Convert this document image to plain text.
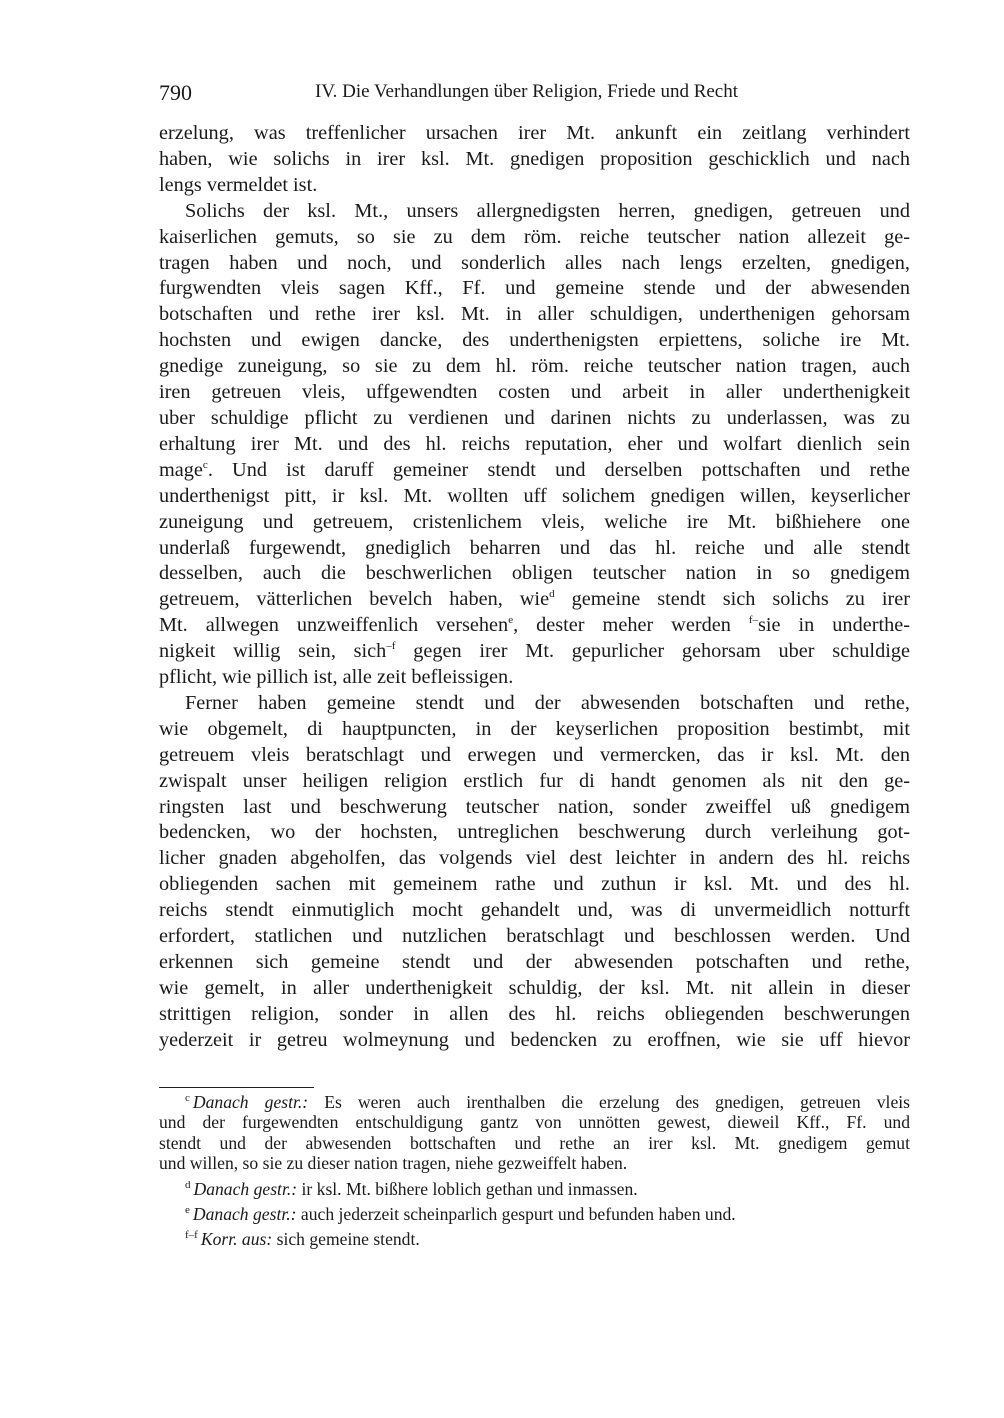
790	IV. Die Verhandlungen über Religion, Friede und Recht

erzelung, was treffenlicher ursachen irer Mt. ankunft ein zeitlang verhindert
haben, wie solichs in irer ksl. Mt. gnedigen proposition geschicklich und nach
lengs vermeldet ist.

Solichs der ksl. Mt., unsers allergnedigsten herren, gnedigen, getreuen und
kaiserlichen gemuts, so sie zu dem röm. reiche teutscher nation allezeit ge-
tragen haben und noch, und sonderlich alles nach lengs erzelten, gnedigen,
furgwendten vleis sagen Kff., Ff. und gemeine stende und der abwesenden
botschaften und rethe irer ksl. Mt. in aller schuldigen, underthenigen gehorsam
hochsten und ewigen dancke, des underthenigsten erpiettens, soliche ire Mt.
gnedige zuneigung, so sie zu dem hl. röm. reiche teutscher nation tragen, auch
iren getreuen vleis, uffgewendten costen und arbeit in aller underthenigkeit
uber schuldige pflicht zu verdienen und darinen nichts zu underlassen, was zu
erhaltung irer Mt. und des hl. reichs reputation, eher und wolfart dienlich sein
mage$^c$. Und ist daruff gemeiner stendt und derselben pottschaften und rethe
underthenigst pitt, ir ksl. Mt. wollten uff solichem gnedigen willen, keyserlicher
zuneigung und getreuem, cristenlichem vleis, weliche ire Mt. bißhiehere one
underlaß furgewendt, gnediglich beharren und das hl. reiche und alle stendt
desselben, auch die beschwerlichen obligen teutscher nation in so gnedigem
getreuem, vätterlichen bevelch haben, wie$^d$ gemeine stendt sich solichs zu irer
Mt. allwegen unzweiffenlich versehen$^e$, dester meher werden $^{f-}$sie in underthe-
nigkeit willig sein, sich$^{-f}$ gegen irer Mt. gepurlicher gehorsam uber schuldige
pflicht, wie pillich ist, alle zeit befleissigen.

Ferner haben gemeine stendt und der abwesenden botschaften und rethe,
wie obgemelt, di hauptpuncten, in der keyserlichen proposition bestimbt, mit
getreuem vleis beratschlagt und erwegen und vermercken, das ir ksl. Mt. den
zwispalt unser heiligen religion erstlich fur di handt genomen als nit den ge-
ringsten last und beschwerung teutscher nation, sonder zweiffel uß gnedigem
bedencken, wo der hochsten, untreglichen beschwerung durch verleihung got-
licher gnaden abgeholfen, das volgends viel dest leichter in andern des hl. reichs
obliegenden sachen mit gemeinem rathe und zuthun ir ksl. Mt. und des hl.
reichs stendt einmutiglich mocht gehandelt und, was di unvermeidlich notturft
erfordert, statlichen und nutzlichen beratschlagt und beschlossen werden. Und
erkennen sich gemeine stendt und der abwesenden potschaften und rethe,
wie gemelt, in aller underthenigkeit schuldig, der ksl. Mt. nit allein in dieser
strittigen religion, sonder in allen des hl. reichs obliegenden beschwerungen
yederzeit ir getreu wolmeynung und bedencken zu eroffnen, wie sie uff hievor

$^c$ Danach gestr.: Es weren auch irenthalben die erzelung des gnedigen, getreuen vleis
und der furgewendten entschuldigung gantz von unnötten gewest, dieweil Kff., Ff. und
stendt und der abwesenden bottschaften und rethe an irer ksl. Mt. gnedigem gemut
und willen, so sie zu dieser nation tragen, niehe gezweiffelt haben.
$^d$ Danach gestr.: ir ksl. Mt. bißhere loblich gethan und inmassen.
$^e$ Danach gestr.: auch jederzeit scheinparlich gespurt und befunden haben und.
$^{f-f}$ Korr. aus: sich gemeine stendt.
